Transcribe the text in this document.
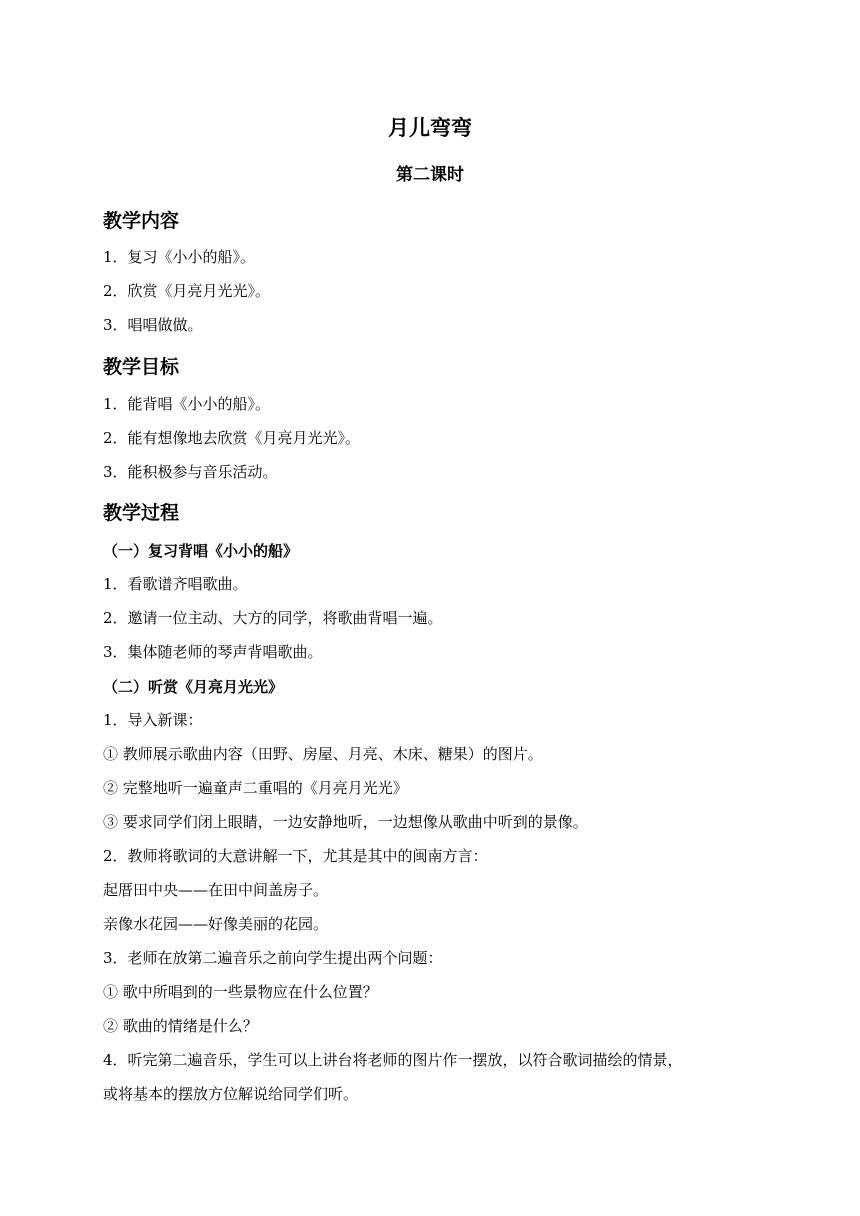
月儿弯弯
第二课时
教学内容
1．复习《小小的船》。
2．欣赏《月亮月光光》。
3．唱唱做做。
教学目标
1．能背唱《小小的船》。
2．能有想像地去欣赏《月亮月光光》。
3．能积极参与音乐活动。
教学过程
（一）复习背唱《小小的船》
1．看歌谱齐唱歌曲。
2．邀请一位主动、大方的同学，将歌曲背唱一遍。
3．集体随老师的琴声背唱歌曲。
（二）听赏《月亮月光光》
1．导入新课：
① 教师展示歌曲内容（田野、房屋、月亮、木床、糖果）的图片。
② 完整地听一遍童声二重唱的《月亮月光光》
③ 要求同学们闭上眼睛，一边安静地听，一边想像从歌曲中听到的景像。
2．教师将歌词的大意讲解一下，尤其是其中的闽南方言：
起厝田中央——在田中间盖房子。
亲像水花园——好像美丽的花园。
3．老师在放第二遍音乐之前向学生提出两个问题：
① 歌中所唱到的一些景物应在什么位置？
② 歌曲的情绪是什么？
4．听完第二遍音乐，学生可以上讲台将老师的图片作一摆放，以符合歌词描绘的情景，
或将基本的摆放方位解说给同学们听。
